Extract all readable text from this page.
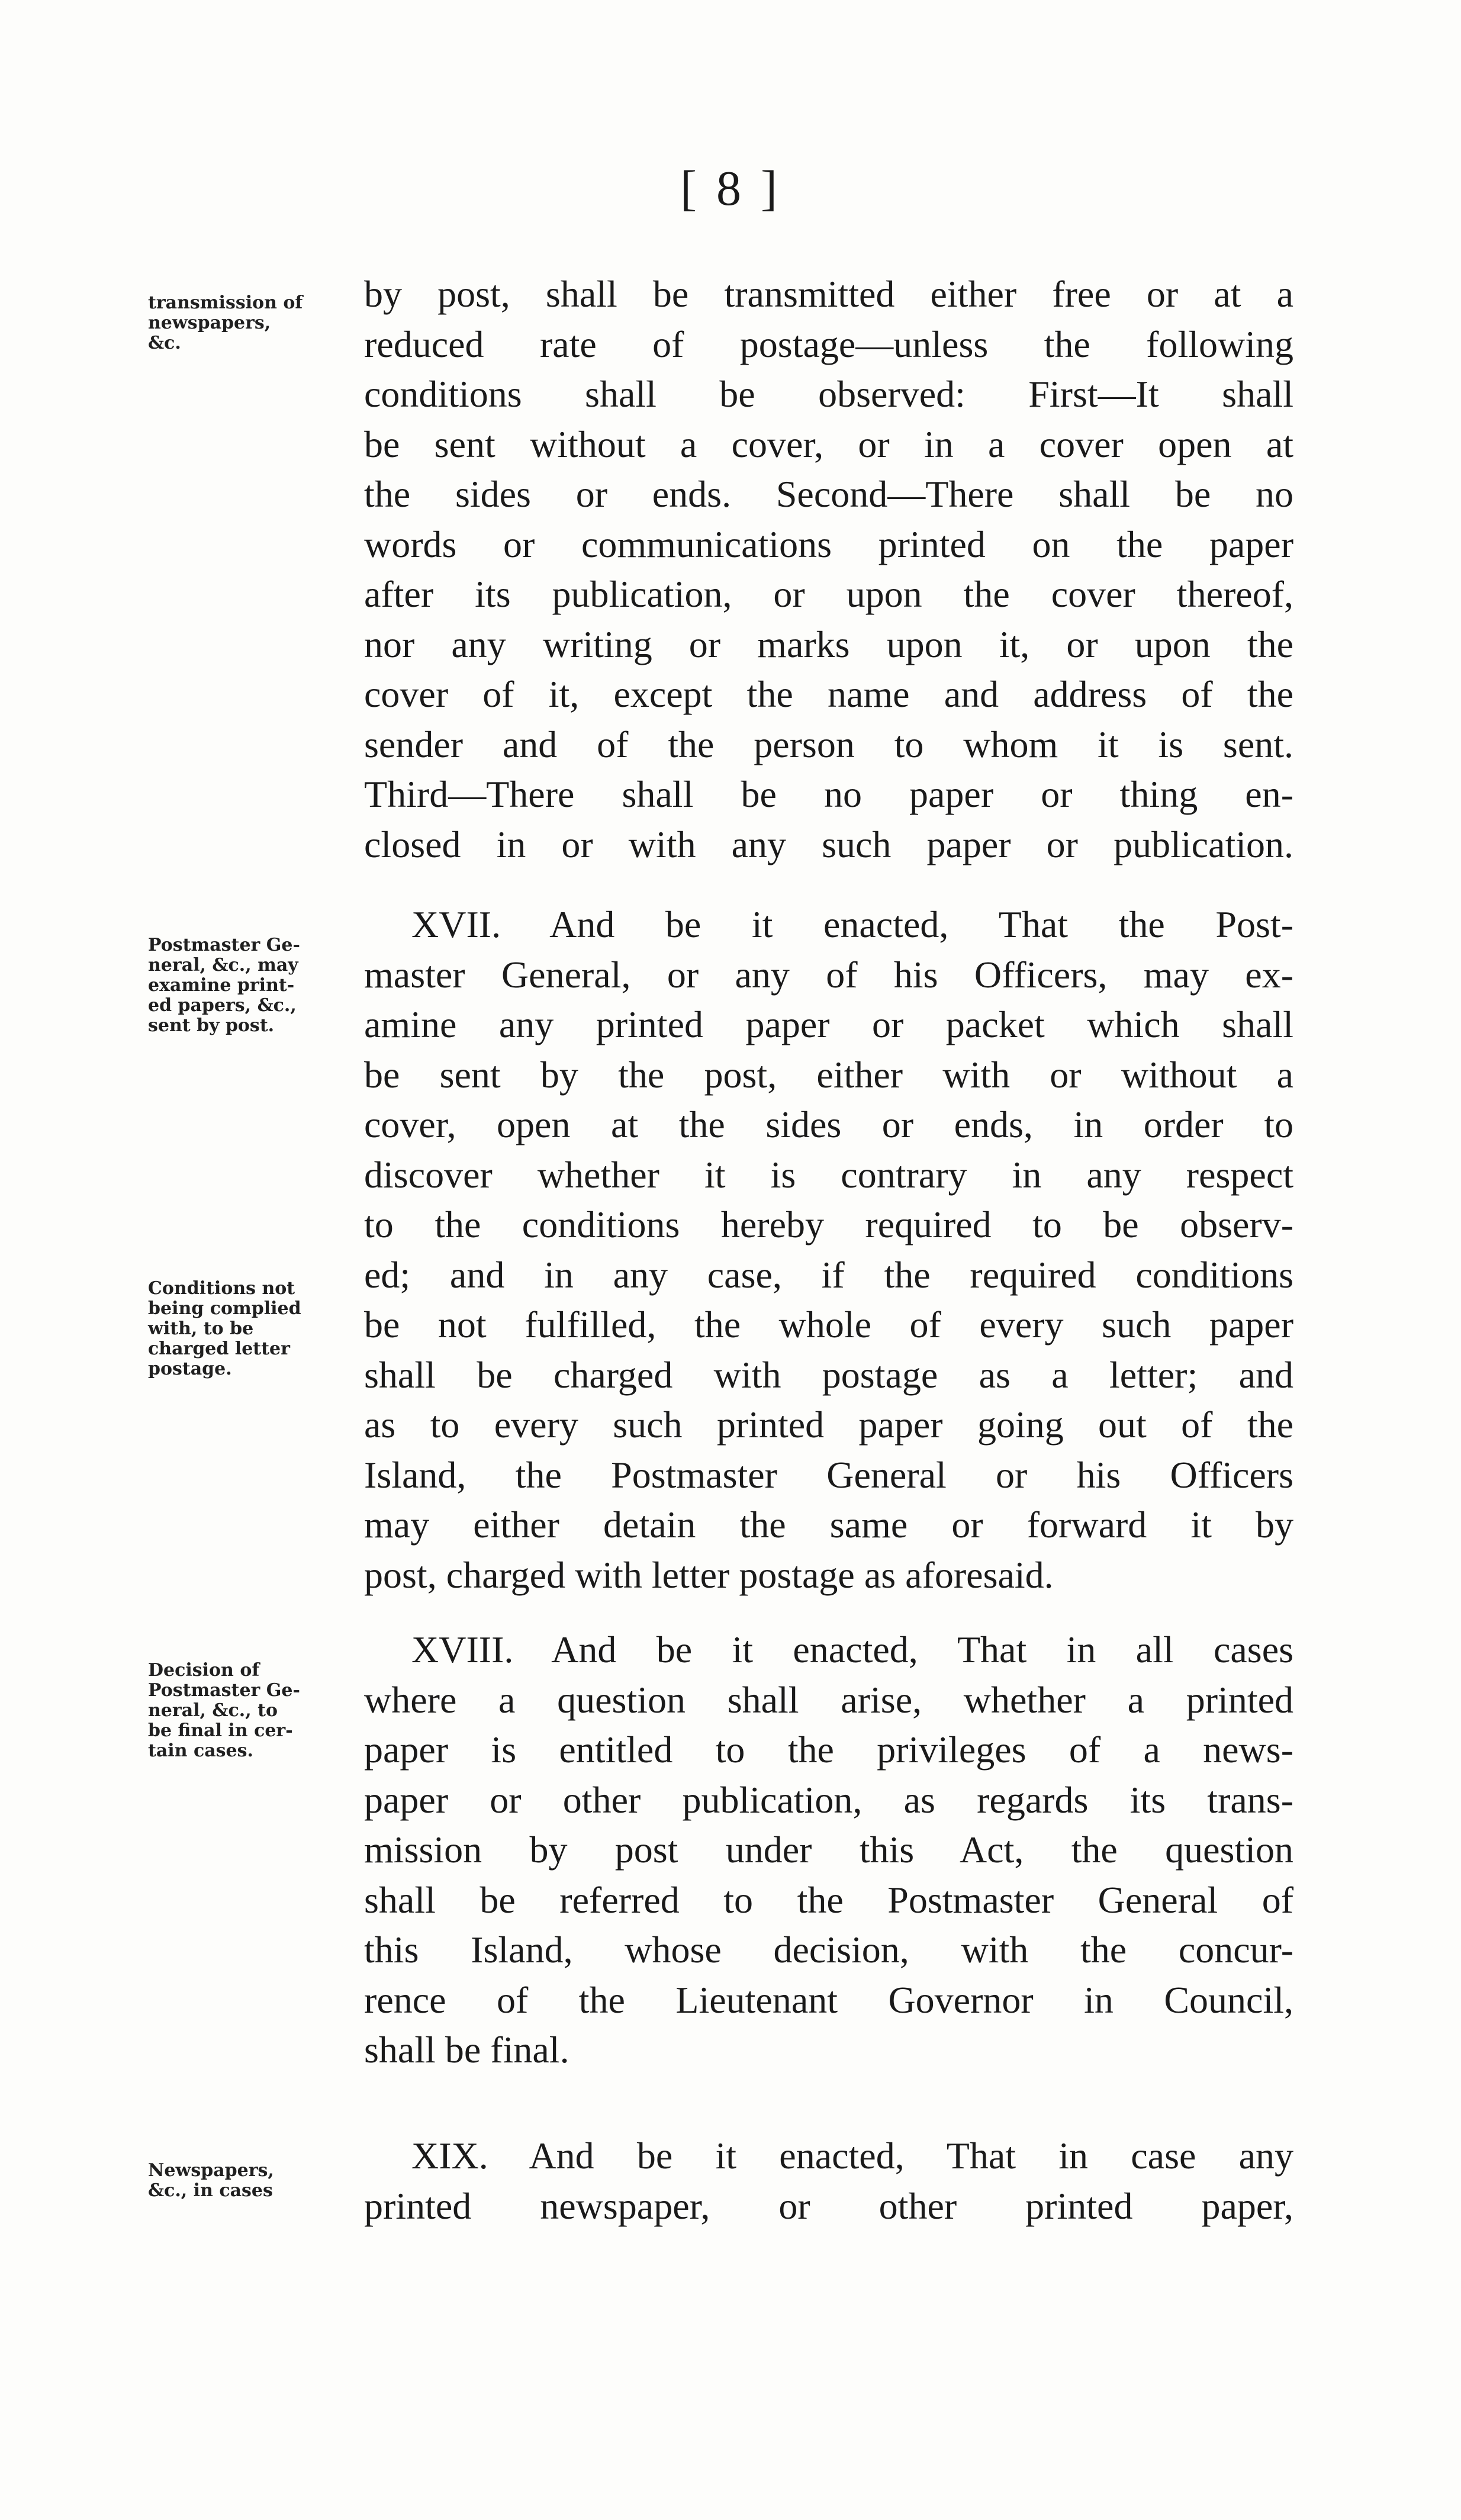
[ 8 ]
transmission of
newspapers,
&c.
Postmaster Ge-
neral, &c., may
examine print-
ed papers, &c.,
sent by post.
Conditions not
being complied
with, to be
charged letter
postage.
Decision of
Postmaster Ge-
neral, &c., to
be final in cer-
tain cases.
Newspapers,
&c., in cases
by post, shall be transmitted either free or at a
reduced rate of postage—unless the following
conditions shall be observed: First—It shall
be sent without a cover, or in a cover open at
the sides or ends. Second—There shall be no
words or communications printed on the paper
after its publication, or upon the cover thereof,
nor any writing or marks upon it, or upon the
cover of it, except the name and address of the
sender and of the person to whom it is sent.
Third—There shall be no paper or thing en-
closed in or with any such paper or publication.
XVII. And be it enacted, That the Post-
master General, or any of his Officers, may ex-
amine any printed paper or packet which shall
be sent by the post, either with or without a
cover, open at the sides or ends, in order to
discover whether it is contrary in any respect
to the conditions hereby required to be observ-
ed; and in any case, if the required conditions
be not fulfilled, the whole of every such paper
shall be charged with postage as a letter; and
as to every such printed paper going out of the
Island, the Postmaster General or his Officers
may either detain the same or forward it by
post, charged with letter postage as aforesaid.
XVIII. And be it enacted, That in all cases
where a question shall arise, whether a printed
paper is entitled to the privileges of a news-
paper or other publication, as regards its trans-
mission by post under this Act, the question
shall be referred to the Postmaster General of
this Island, whose decision, with the concur-
rence of the Lieutenant Governor in Council,
shall be final.
XIX. And be it enacted, That in case any
printed newspaper, or other printed paper,
